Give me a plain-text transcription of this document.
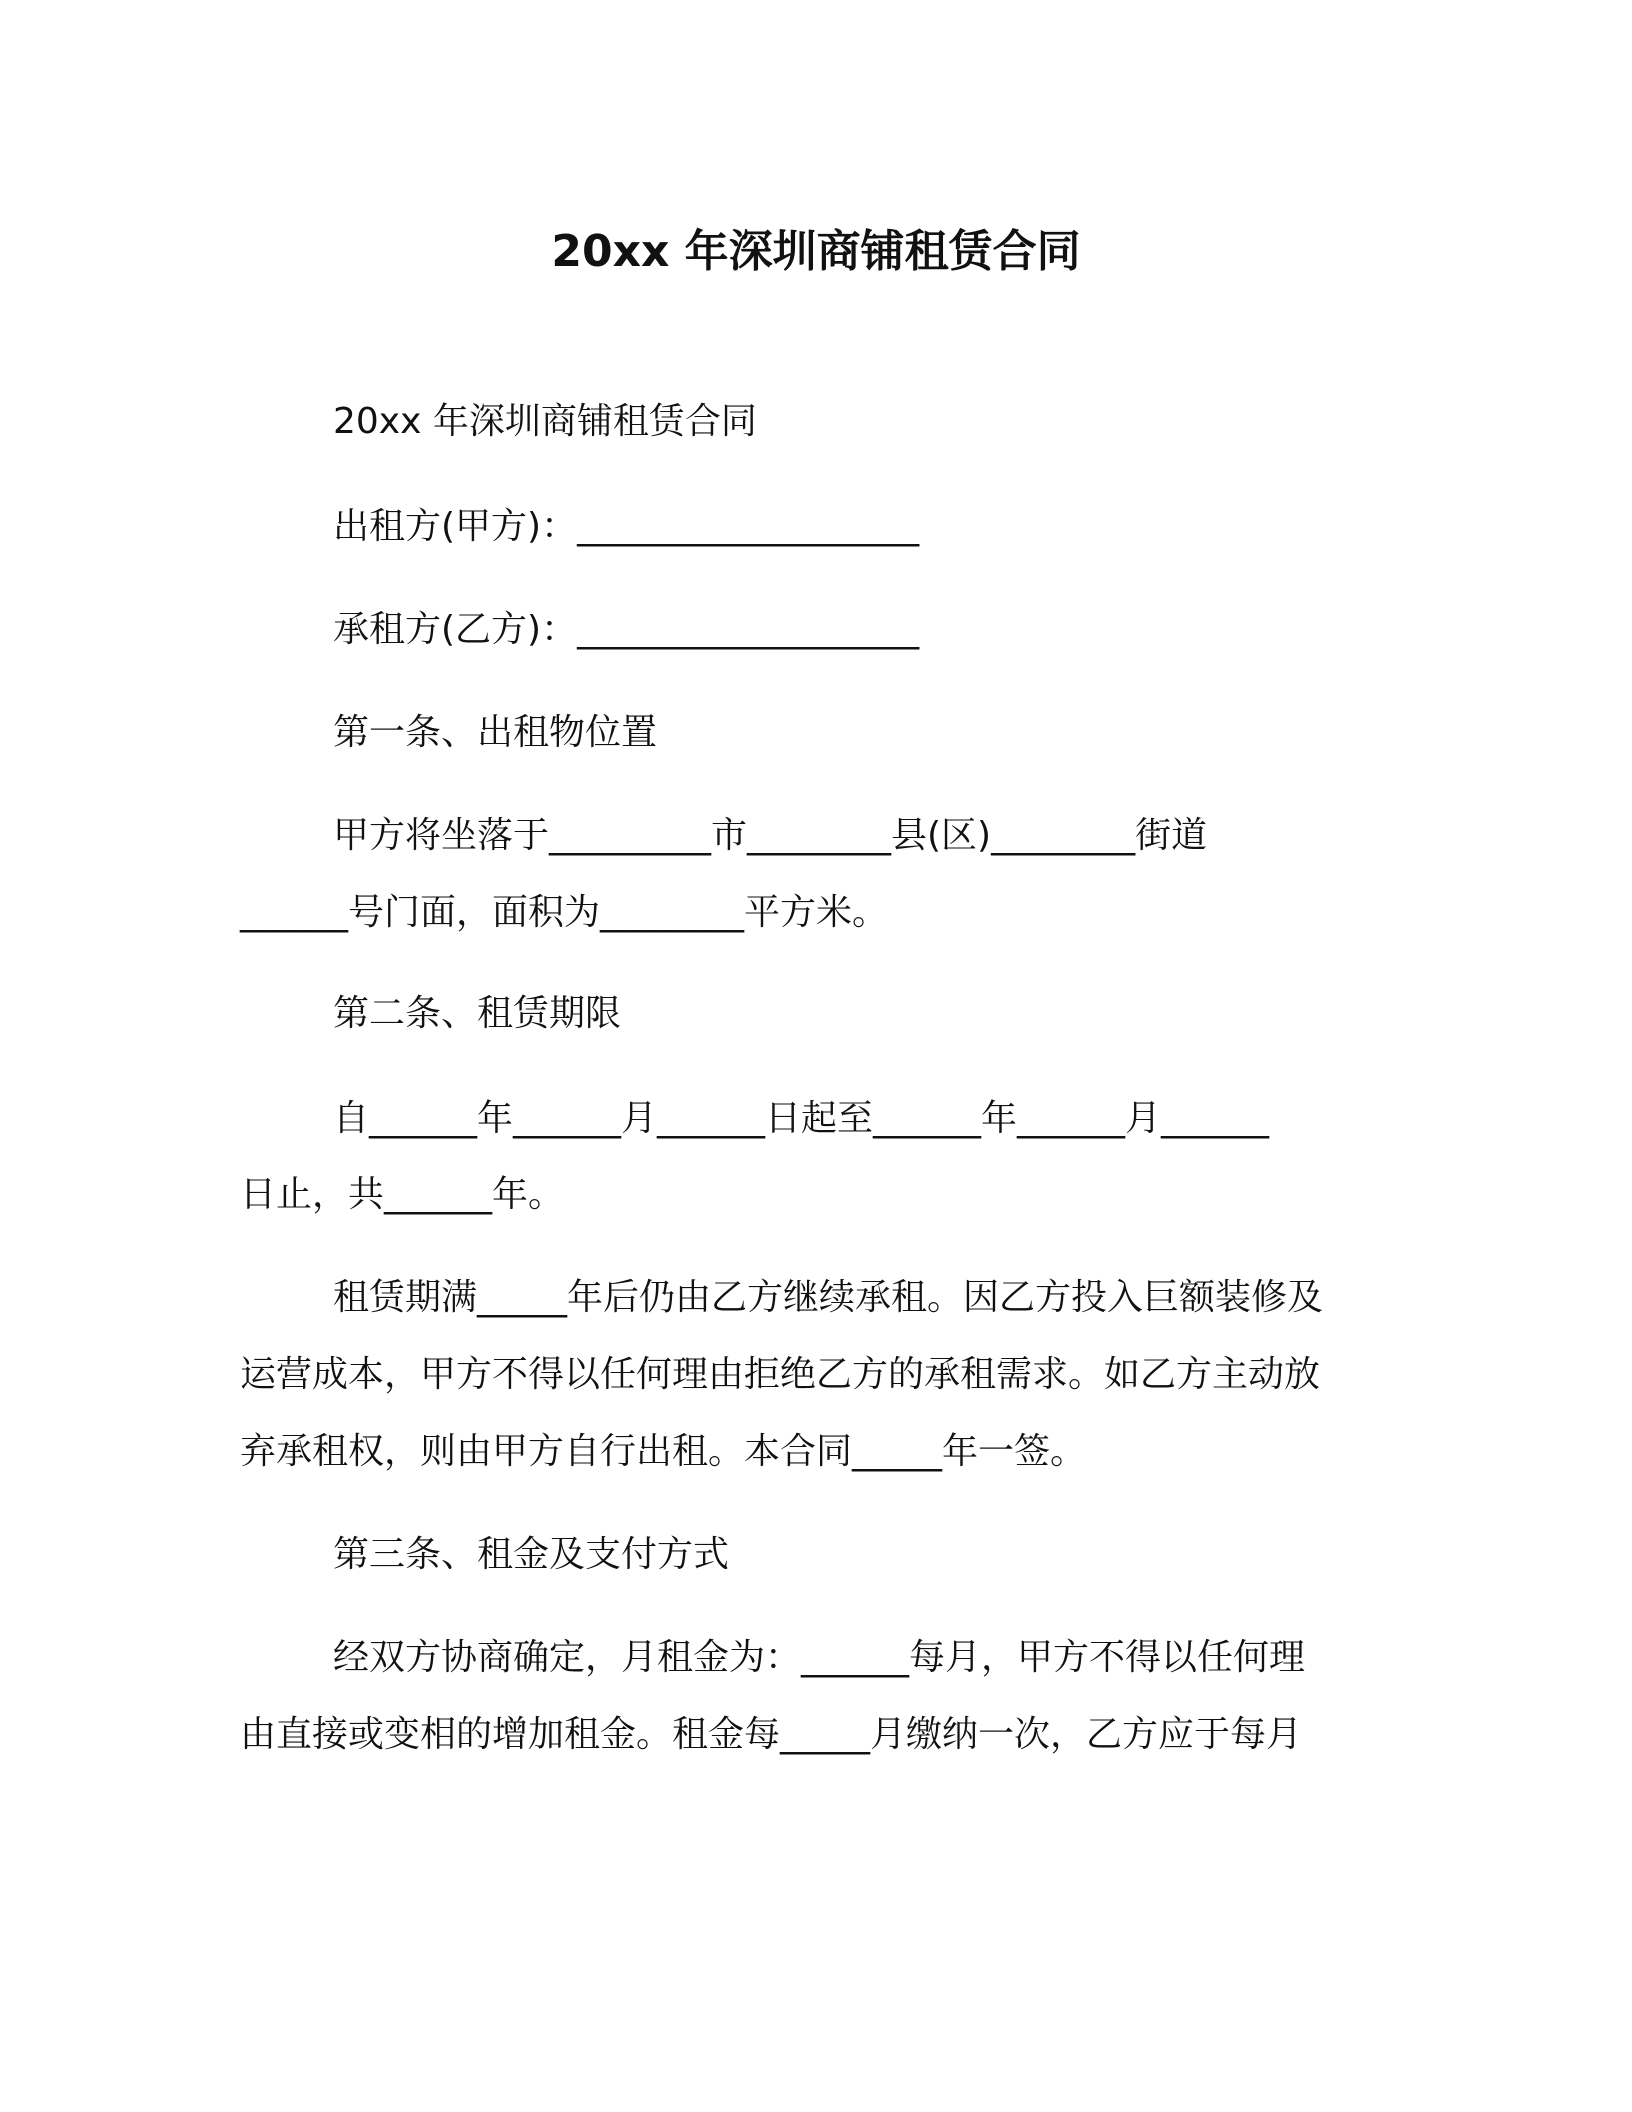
20xx 年深圳商铺租赁合同
20xx 年深圳商铺租赁合同
出租方(甲方)：___________________
承租方(乙方)：___________________
第一条、出租物位置
甲方将坐落于_________市________县(区)________街道
______号门面，面积为________平方米。
第二条、租赁期限
自______年______月______日起至______年______月______
日止，共______年。
租赁期满_____年后仍由乙方继续承租。因乙方投入巨额装修及
运营成本，甲方不得以任何理由拒绝乙方的承租需求。如乙方主动放
弃承租权，则由甲方自行出租。本合同_____年一签。
第三条、租金及支付方式
经双方协商确定，月租金为：______每月，甲方不得以任何理
由直接或变相的增加租金。租金每_____月缴纳一次，乙方应于每月
